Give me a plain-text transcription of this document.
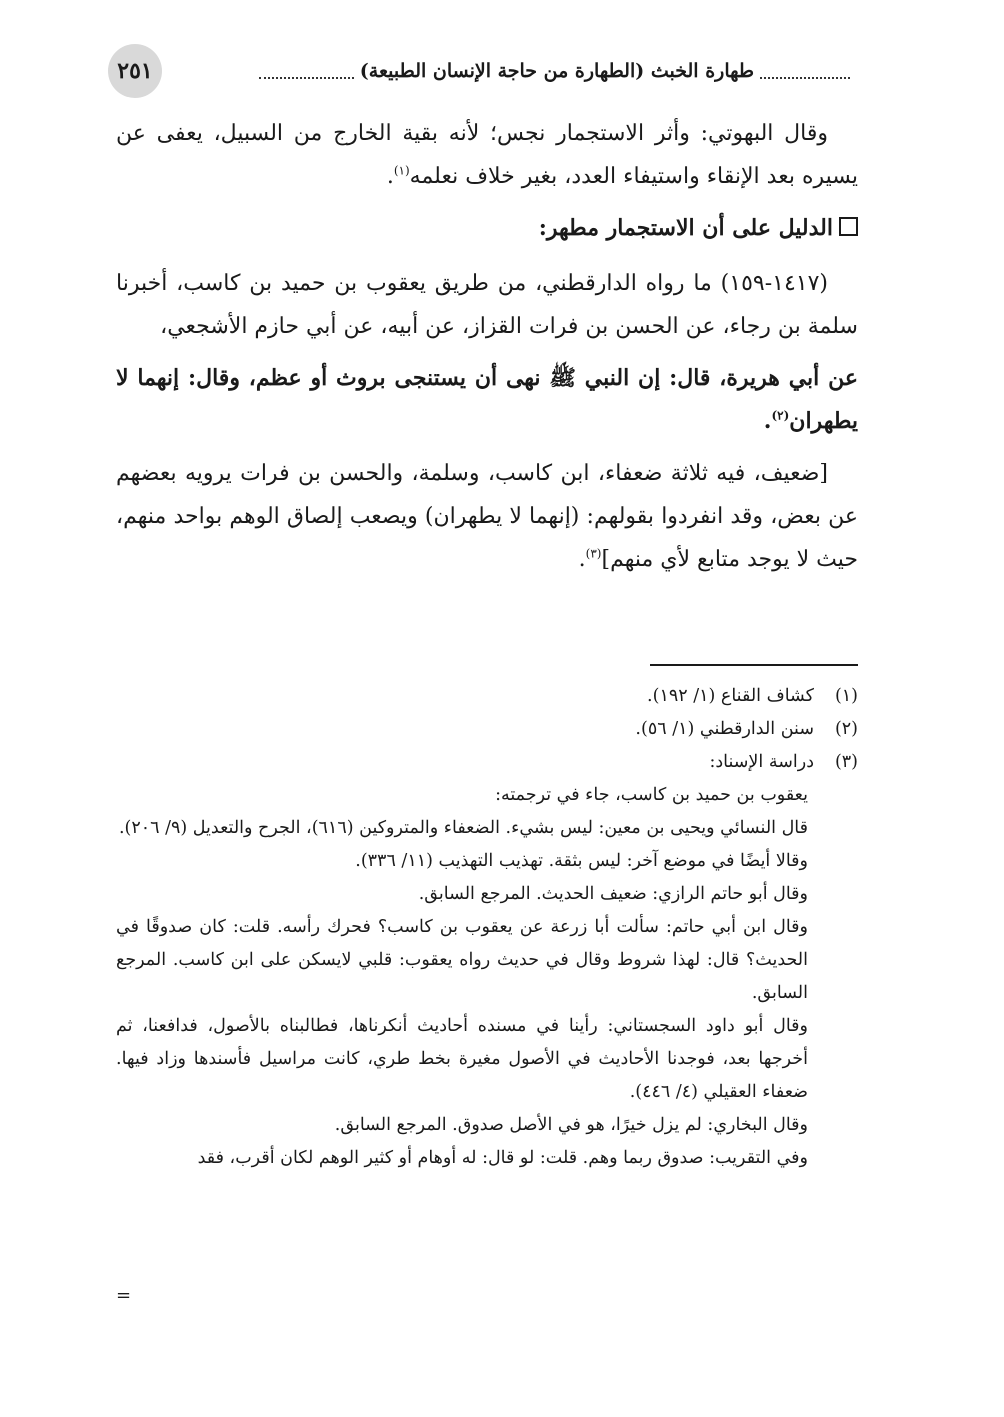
٢٥١	طهارة الخبث (الطهارة من حاجة الإنسان الطبيعة)

وقال البهوتي: وأثر الاستجمار نجس؛ لأنه بقية الخارج من السبيل، يعفى عن يسيره بعد الإنقاء واستيفاء العدد، بغير خلاف نعلمه$^{(١)}$.

الدليل على أن الاستجمار مطهر:

(١٤١٧-١٥٩) ما رواه الدارقطني، من طريق يعقوب بن حميد بن كاسب، أخبرنا سلمة بن رجاء، عن الحسن بن فرات القزاز، عن أبيه، عن أبي حازم الأشجعي،

عن أبي هريرة، قال: إن النبي ﷺ نهى أن يستنجى بروث أو عظم، وقال: إنهما لا يطهران$^{(٢)}$.

[ضعيف، فيه ثلاثة ضعفاء، ابن كاسب، وسلمة، والحسن بن فرات يرويه بعضهم عن بعض، وقد انفردوا بقولهم: (إنهما لا يطهران) ويصعب إلصاق الوهم بواحد منهم، حيث لا يوجد متابع لأي منهم]$^{(٣)}$.

(١)
كشاف القناع (١/ ١٩٢).
(٢)
سنن الدارقطني (١/ ٥٦).
(٣)
دراسة الإسناد:
يعقوب بن حميد بن كاسب، جاء في ترجمته:
قال النسائي ويحيى بن معين: ليس بشيء. الضعفاء والمتروكين (٦١٦)، الجرح والتعديل (٩/ ٢٠٦).
وقالا أيضًا في موضع آخر: ليس بثقة. تهذيب التهذيب (١١/ ٣٣٦).
وقال أبو حاتم الرازي: ضعيف الحديث. المرجع السابق.
وقال ابن أبي حاتم: سألت أبا زرعة عن يعقوب بن كاسب؟ فحرك رأسه. قلت: كان صدوقًا في الحديث؟ قال: لهذا شروط وقال في حديث رواه يعقوب: قلبي لايسكن على ابن كاسب. المرجع السابق.
وقال أبو داود السجستاني: رأينا في مسنده أحاديث أنكرناها، فطالبناه بالأصول، فدافعنا، ثم أخرجها بعد، فوجدنا الأحاديث في الأصول مغيرة بخط طري، كانت مراسيل فأسندها وزاد فيها. ضعفاء العقيلي (٤/ ٤٤٦).
وقال البخاري: لم يزل خيرًا، هو في الأصل صدوق. المرجع السابق.
وفي التقريب: صدوق ربما وهم. قلت: لو قال: له أوهام أو كثير الوهم لكان أقرب، فقد
=
